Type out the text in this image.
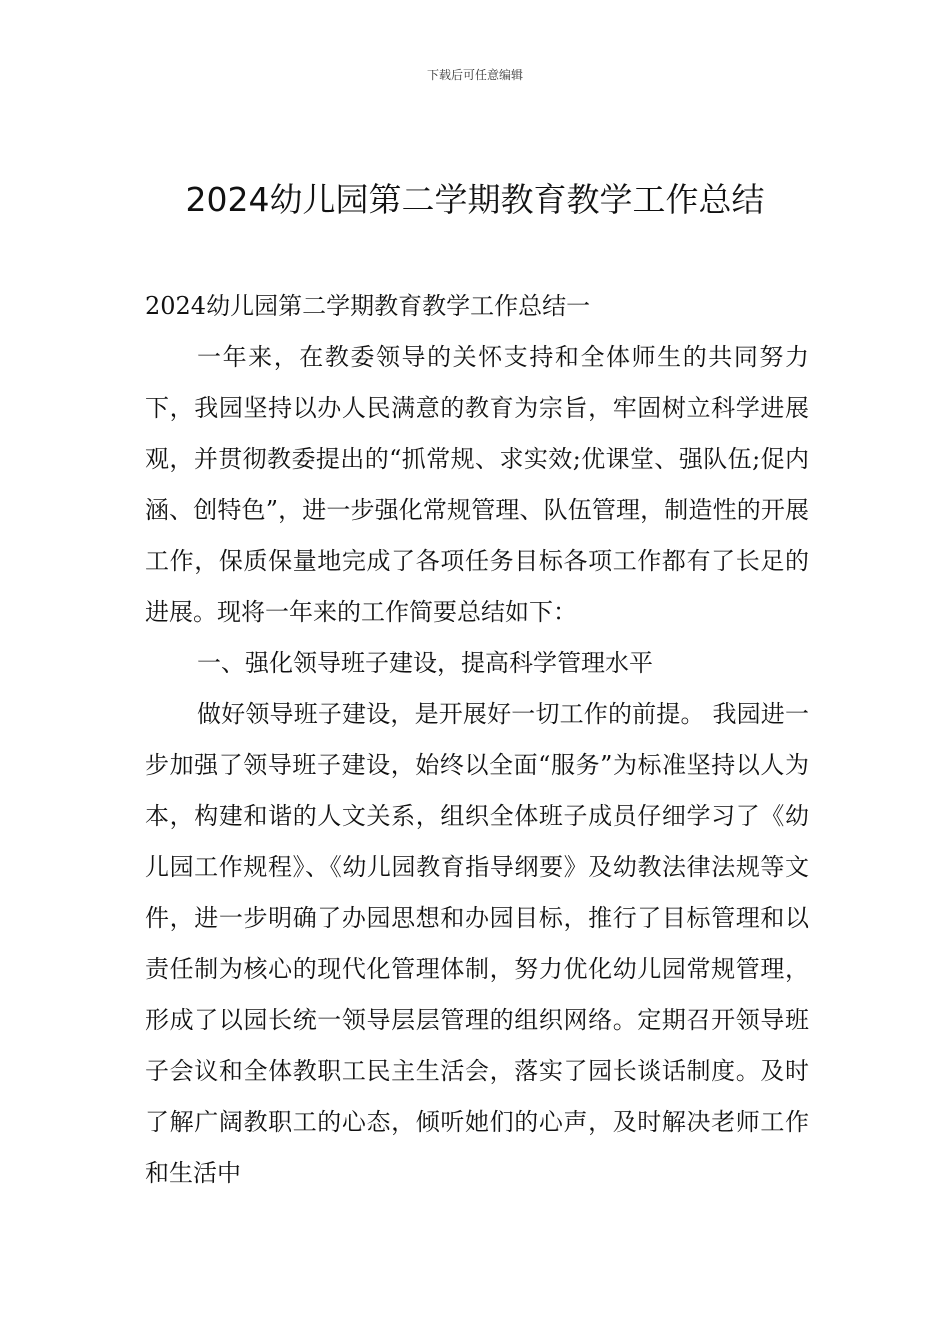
下载后可任意编辑
2024幼儿园第二学期教育教学工作总结

2024幼儿园第二学期教育教学工作总结一

一年来，在教委领导的关怀支持和全体师生的共同努力下，我园坚持以办人民满意的教育为宗旨，牢固树立科学进展观，并贯彻教委提出的“抓常规、求实效;优课堂、强队伍;促内涵、创特色”，进一步强化常规管理、队伍管理，制造性的开展工作，保质保量地完成了各项任务目标各项工作都有了长足的进展。现将一年来的工作简要总结如下：

一、强化领导班子建设，提高科学管理水平

做好领导班子建设，是开展好一切工作的前提。 我园进一步加强了领导班子建设，始终以全面“服务”为标准坚持以人为本，构建和谐的人文关系，组织全体班子成员仔细学习了《幼儿园工作规程》、《幼儿园教育指导纲要》及幼教法律法规等文件，进一步明确了办园思想和办园目标，推行了目标管理和以责任制为核心的现代化管理体制，努力优化幼儿园常规管理，形成了以园长统一领导层层管理的组织网络。定期召开领导班子会议和全体教职工民主生活会，落实了园长谈话制度。及时了解广阔教职工的心态，倾听她们的心声，及时解决老师工作和生活中
